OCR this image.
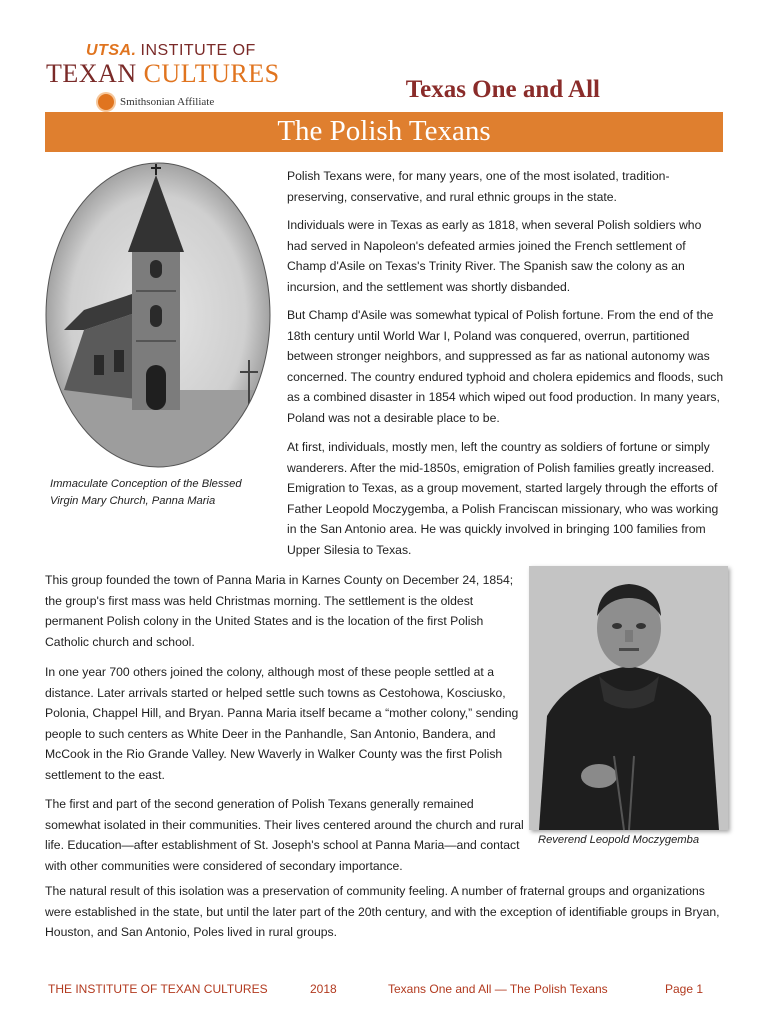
UTSA. INSTITUTE OF
TEXAN CULTURES
Smithsonian Affiliate	Texas One and All
The Polish Texans
Immaculate Conception of the Blessed Virgin Mary Church, Panna Maria
Reverend Leopold Moczygemba

Polish Texans were, for many years, one of the most isolated, tradition-preserving, conservative, and rural ethnic groups in the state.

Individuals were in Texas as early as 1818, when several Polish soldiers who had served in Napoleon's defeated armies joined the French settlement of Champ d'Asile on Texas's Trinity River. The Spanish saw the colony as an incursion, and the settlement was shortly disbanded.

But Champ d'Asile was somewhat typical of Polish fortune. From the end of the 18th century until World War I, Poland was conquered, overrun, partitioned between stronger neighbors, and suppressed as far as national autonomy was concerned. The country endured typhoid and cholera epidemics and floods, such as a combined disaster in 1854 which wiped out food production. In many years, Poland was not a desirable place to be.

At first, individuals, mostly men, left the country as soldiers of fortune or simply wanderers. After the mid-1850s, emigration of Polish families greatly increased. Emigration to Texas, as a group movement, started largely through the efforts of Father Leopold Moczygemba, a Polish Franciscan missionary, who was working in the San Antonio area. He was quickly involved in bringing 100 families from Upper Silesia to Texas.

This group founded the town of Panna Maria in Karnes County on December 24, 1854; the group's first mass was held Christmas morning. The settlement is the oldest permanent Polish colony in the United States and is the location of the first Polish Catholic church and school.

In one year 700 others joined the colony, although most of these people settled at a distance. Later arrivals started or helped settle such towns as Cestohowa, Kosciusko, Polonia, Chappel Hill, and Bryan. Panna Maria itself became a “mother colony,” sending people to such centers as White Deer in the Panhandle, San Antonio, Bandera, and McCook in the Rio Grande Valley. New Waverly in Walker County was the first Polish settlement to the east.

The first and part of the second generation of Polish Texans generally remained somewhat isolated in their communities. Their lives centered around the church and rural life. Education—after establishment of St. Joseph's school at Panna Maria—and contact with other communities were considered of secondary importance.

The natural result of this isolation was a preservation of community feeling. A number of fraternal groups and organizations were established in the state, but until the later part of the 20th century, and with the exception of identifiable groups in Bryan, Houston, and San Antonio, Poles lived in rural groups.

THE INSTITUTE OF TEXAN CULTURES	2018	Texans One and All — The Polish Texans	Page 1
